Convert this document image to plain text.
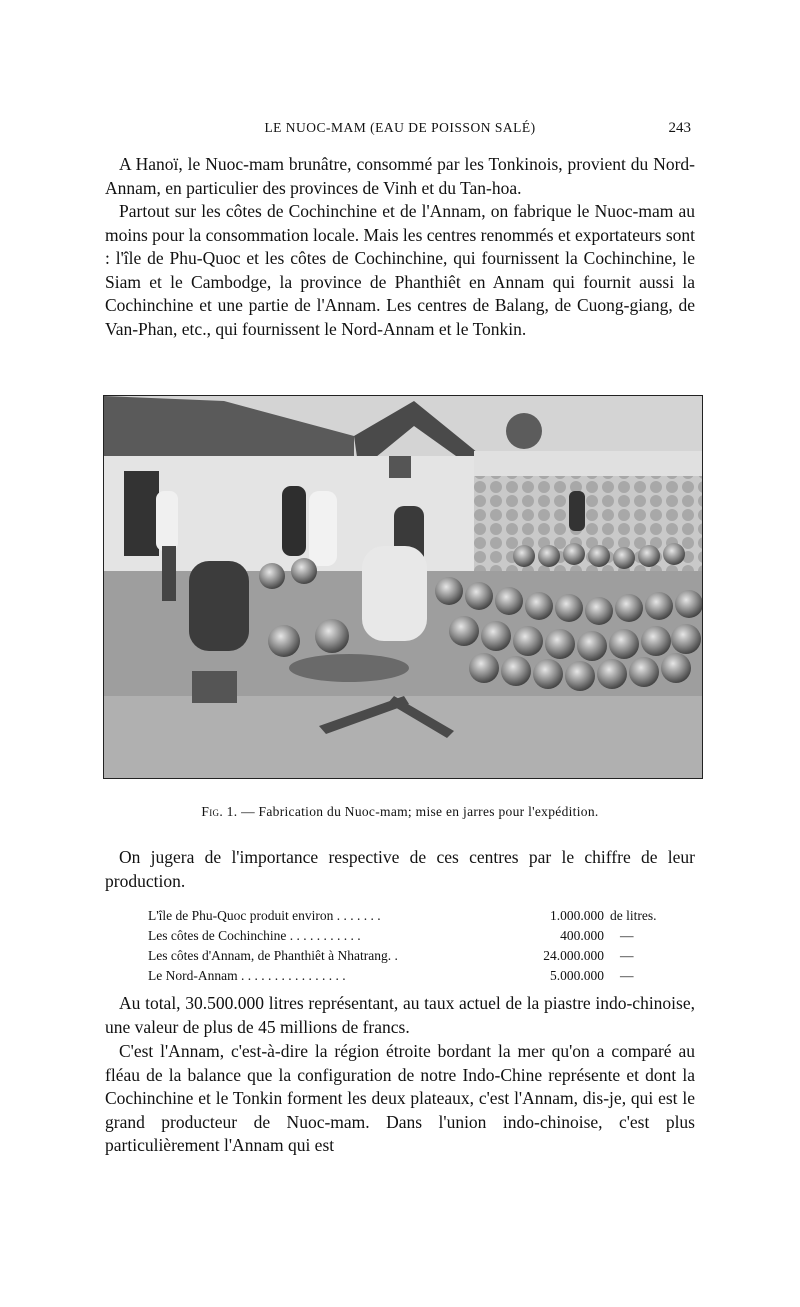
LE NUOC-MAM (EAU DE POISSON SALÉ)	243

A Hanoï, le Nuoc-mam brunâtre, consommé par les Tonkinois, provient du Nord-Annam, en particulier des provinces de Vinh et du Tan-hoa.

Partout sur les côtes de Cochinchine et de l'Annam, on fabrique le Nuoc-mam au moins pour la consommation locale. Mais les centres renommés et exportateurs sont : l'île de Phu-Quoc et les côtes de Cochinchine, qui fournissent la Cochinchine, le Siam et le Cambodge, la province de Phanthiêt en Annam qui fournit aussi la Cochinchine et une partie de l'Annam. Les centres de Balang, de Cuong-giang, de Van-Phan, etc., qui fournissent le Nord-Annam et le Tonkin.

Fig. 1. — Fabrication du Nuoc-mam; mise en jarres pour l'expédition.

On jugera de l'importance respective de ces centres par le chiffre de leur production.

L'île de Phu-Quoc produit environ . . . . . . .	1.000.000 de litres.
Les côtes de Cochinchine . . . . . . . . . . .	400.000 —
Les côtes d'Annam, de Phanthiêt à Nhatrang. .	24.000.000 —
Le Nord-Annam . . . . . . . . . . . . . . . .	5.000.000 —

Au total, 30.500.000 litres représentant, au taux actuel de la piastre indo-chinoise, une valeur de plus de 45 millions de francs.

C'est l'Annam, c'est-à-dire la région étroite bordant la mer qu'on a comparé au fléau de la balance que la configuration de notre Indo-Chine représente et dont la Cochinchine et le Tonkin forment les deux plateaux, c'est l'Annam, dis-je, qui est le grand producteur de Nuoc-mam. Dans l'union indo-chinoise, c'est plus particulièrement l'Annam qui est
